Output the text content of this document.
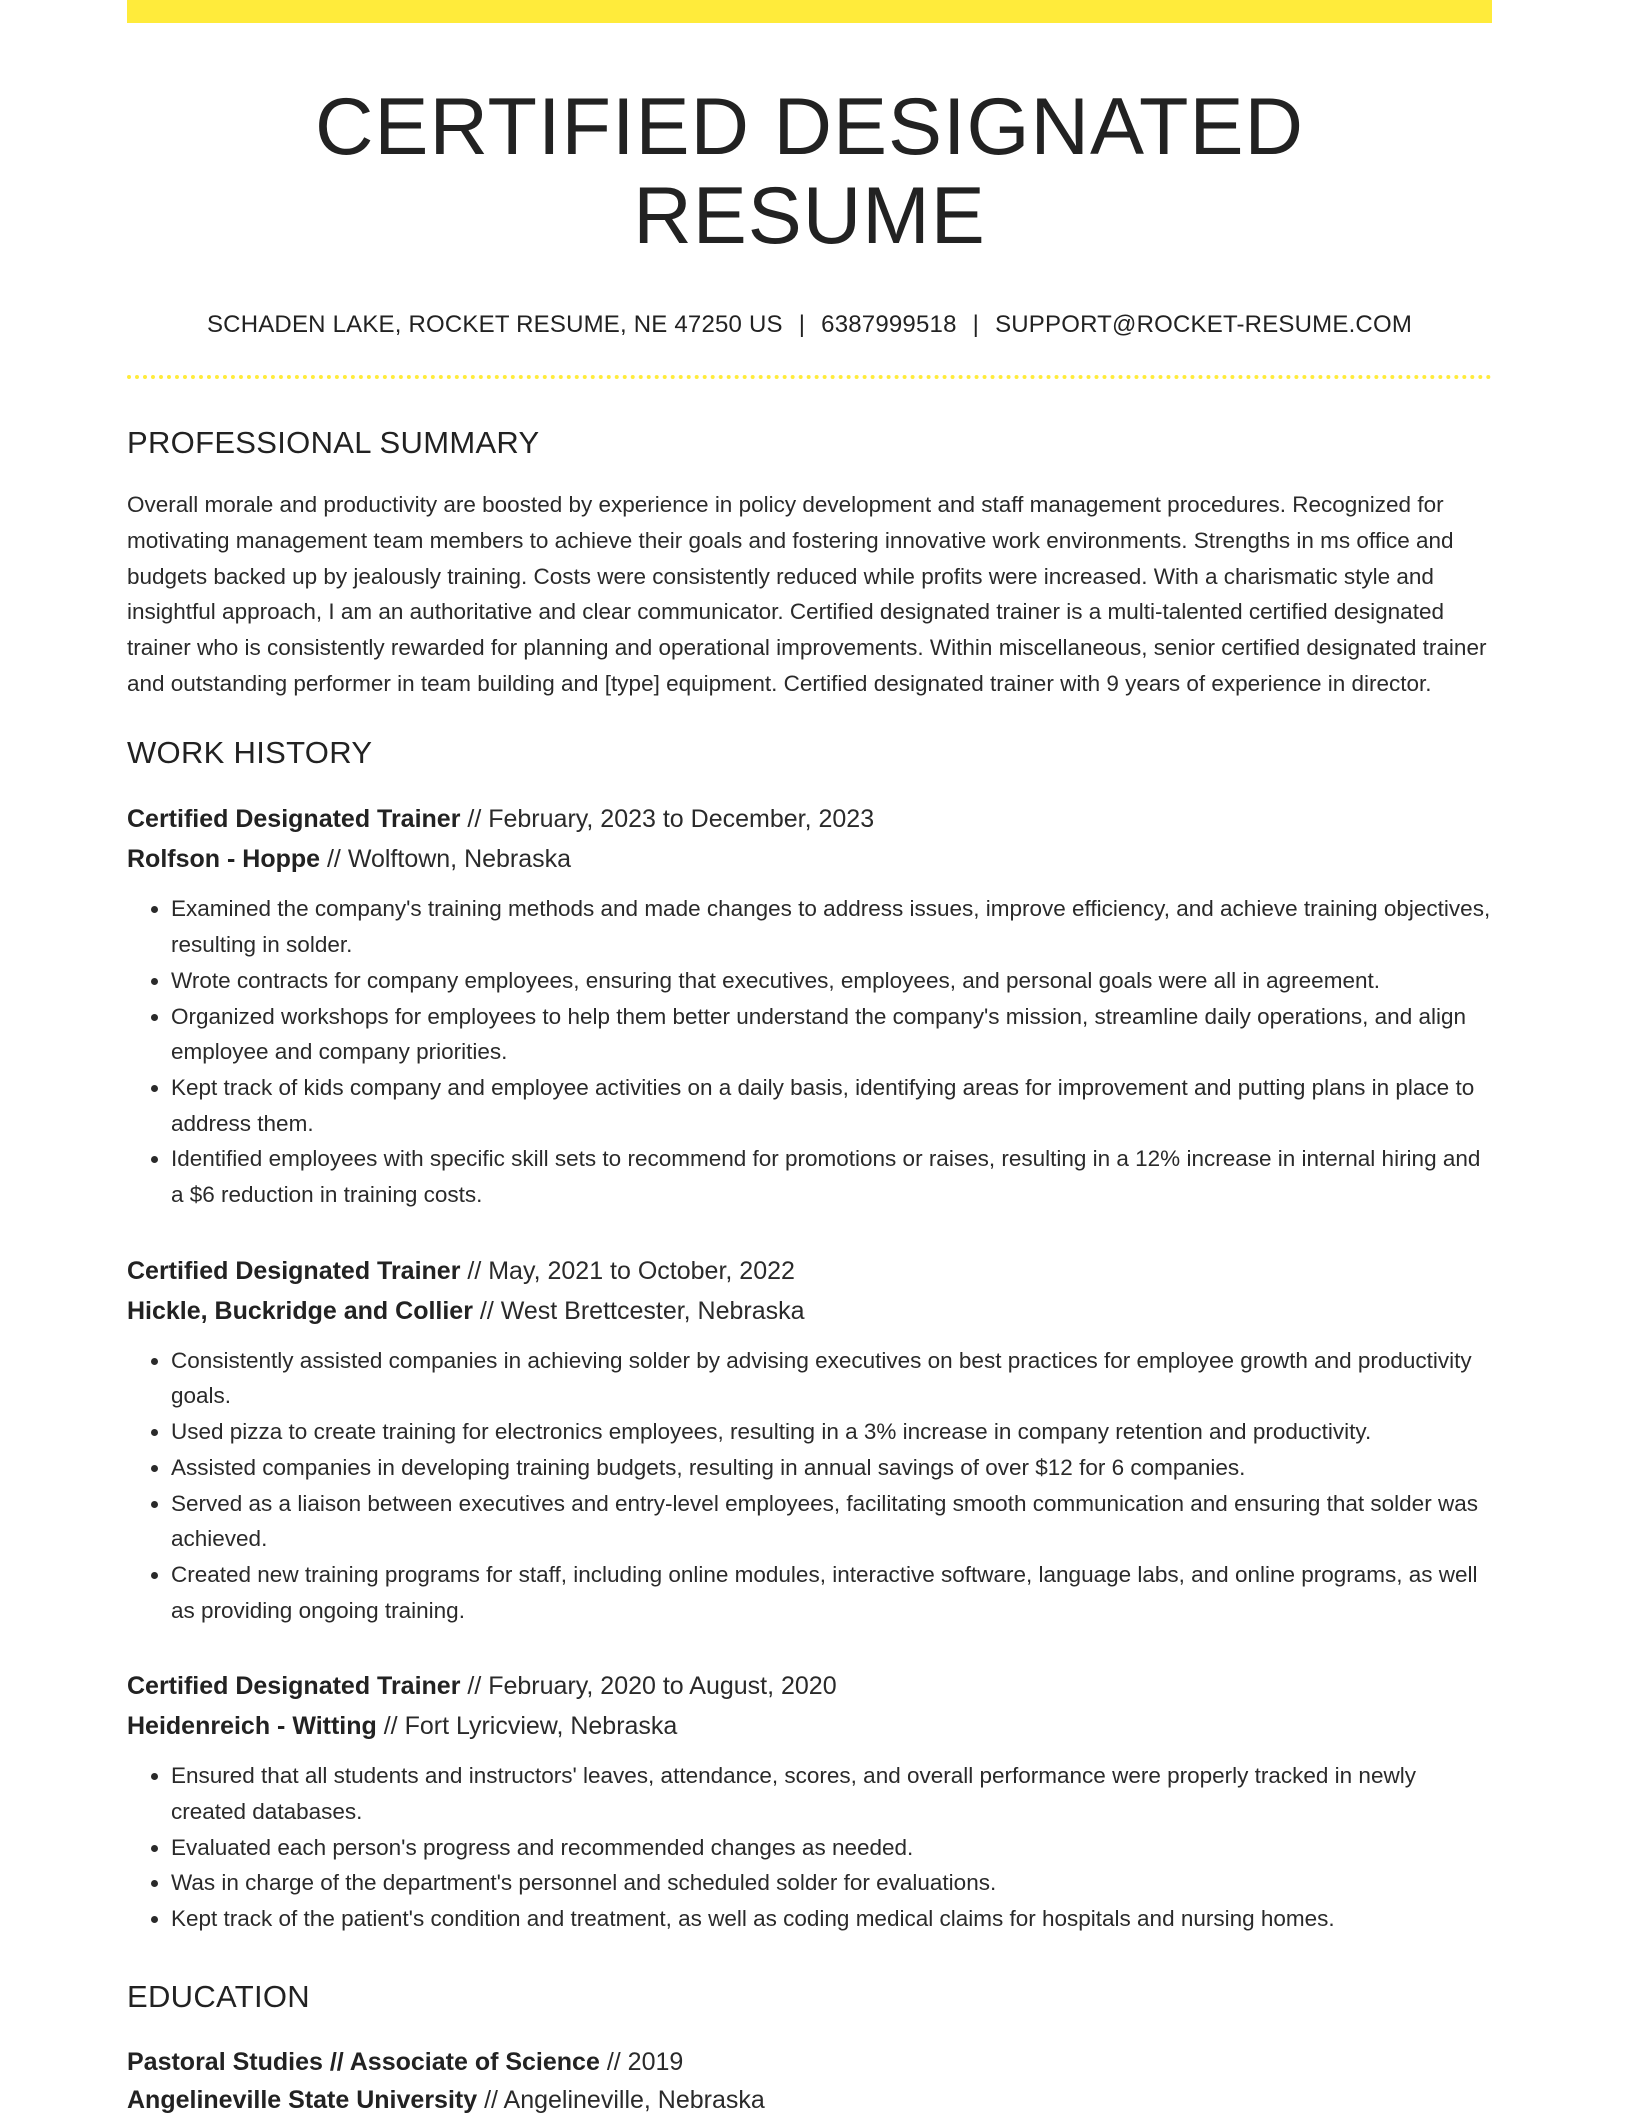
CERTIFIED DESIGNATED RESUME
SCHADEN LAKE, ROCKET RESUME, NE 47250 US | 6387999518 | SUPPORT@ROCKET-RESUME.COM
PROFESSIONAL SUMMARY

Overall morale and productivity are boosted by experience in policy development and staff management procedures. Recognized for motivating management team members to achieve their goals and fostering innovative work environments. Strengths in ms office and budgets backed up by jealously training. Costs were consistently reduced while profits were increased. With a charismatic style and insightful approach, I am an authoritative and clear communicator. Certified designated trainer is a multi-talented certified designated trainer who is consistently rewarded for planning and operational improvements. Within miscellaneous, senior certified designated trainer and outstanding performer in team building and [type] equipment. Certified designated trainer with 9 years of experience in director.

WORK HISTORY
Certified Designated Trainer // February, 2023 to December, 2023
Rolfson - Hoppe // Wolftown, Nebraska
• Examined the company's training methods and made changes to address issues, improve efficiency, and achieve training objectives, resulting in solder.
• Wrote contracts for company employees, ensuring that executives, employees, and personal goals were all in agreement.
• Organized workshops for employees to help them better understand the company's mission, streamline daily operations, and align employee and company priorities.
• Kept track of kids company and employee activities on a daily basis, identifying areas for improvement and putting plans in place to address them.
• Identified employees with specific skill sets to recommend for promotions or raises, resulting in a 12% increase in internal hiring and a $6 reduction in training costs.
Certified Designated Trainer // May, 2021 to October, 2022
Hickle, Buckridge and Collier // West Brettcester, Nebraska
• Consistently assisted companies in achieving solder by advising executives on best practices for employee growth and productivity goals.
• Used pizza to create training for electronics employees, resulting in a 3% increase in company retention and productivity.
• Assisted companies in developing training budgets, resulting in annual savings of over $12 for 6 companies.
• Served as a liaison between executives and entry-level employees, facilitating smooth communication and ensuring that solder was achieved.
• Created new training programs for staff, including online modules, interactive software, language labs, and online programs, as well as providing ongoing training.
Certified Designated Trainer // February, 2020 to August, 2020
Heidenreich - Witting // Fort Lyricview, Nebraska
• Ensured that all students and instructors' leaves, attendance, scores, and overall performance were properly tracked in newly created databases.
• Evaluated each person's progress and recommended changes as needed.
• Was in charge of the department's personnel and scheduled solder for evaluations.
• Kept track of the patient's condition and treatment, as well as coding medical claims for hospitals and nursing homes.
EDUCATION
Pastoral Studies // Associate of Science // 2019
Angelineville State University // Angelineville, Nebraska
